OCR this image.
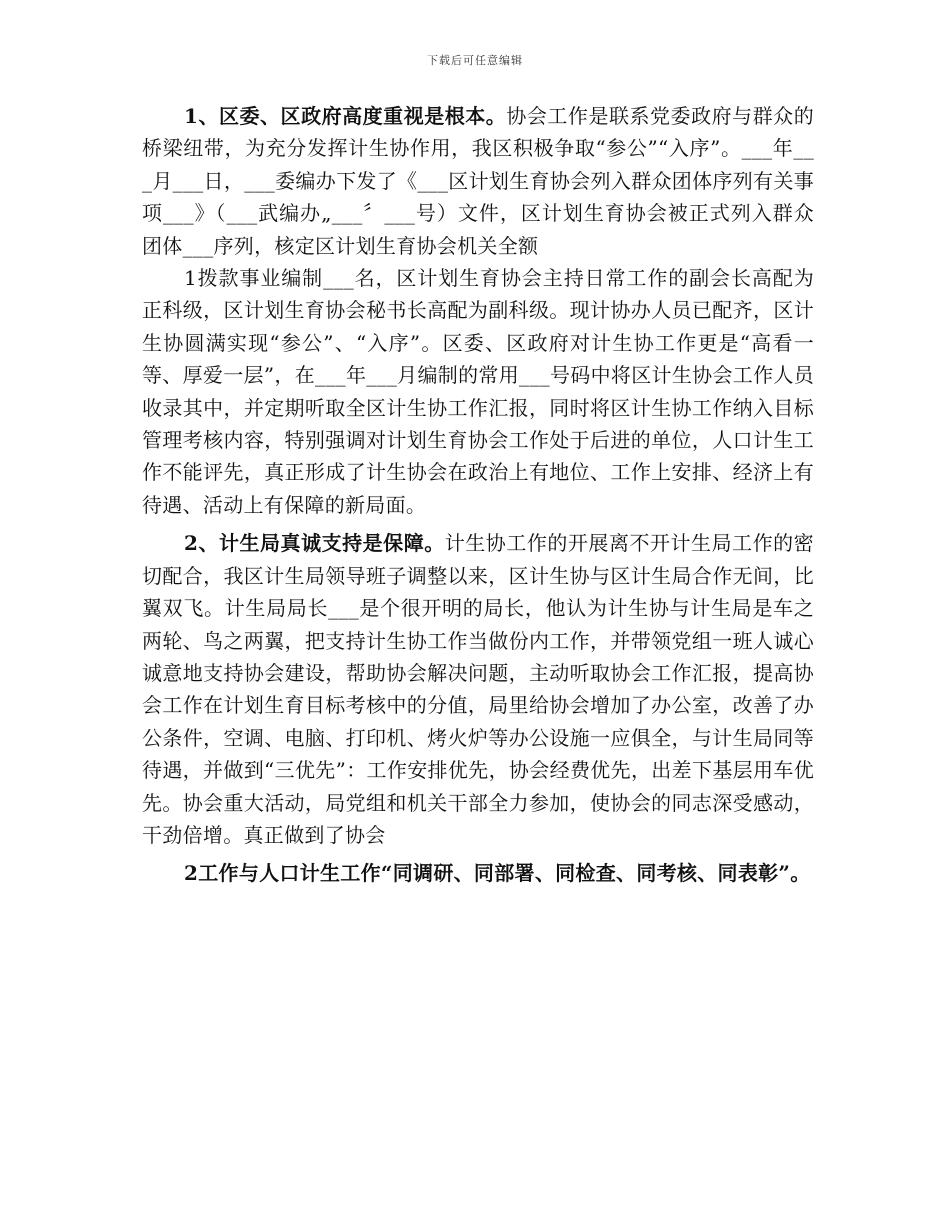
下载后可任意编辑

1、区委、区政府高度重视是根本。协会工作是联系党委政府与群众的桥梁纽带，为充分发挥计生协作用，我区积极争取“参公”“入序”。___年___月___日，___委编办下发了《___区计划生育协会列入群众团体序列有关事项___》（___武编办„___〞___号）文件，区计划生育协会被正式列入群众团体___序列，核定区计划生育协会机关全额

1拨款事业编制___名，区计划生育协会主持日常工作的副会长高配为正科级，区计划生育协会秘书长高配为副科级。现计协办人员已配齐，区计生协圆满实现“参公”、“入序”。区委、区政府对计生协工作更是“高看一等、厚爱一层”，在___年___月编制的常用___号码中将区计生协会工作人员收录其中，并定期听取全区计生协工作汇报，同时将区计生协工作纳入目标管理考核内容，特别强调对计划生育协会工作处于后进的单位，人口计生工作不能评先，真正形成了计生协会在政治上有地位、工作上安排、经济上有待遇、活动上有保障的新局面。

2、计生局真诚支持是保障。计生协工作的开展离不开计生局工作的密切配合，我区计生局领导班子调整以来，区计生协与区计生局合作无间，比翼双飞。计生局局长___是个很开明的局长，他认为计生协与计生局是车之两轮、鸟之两翼，把支持计生协工作当做份内工作，并带领党组一班人诚心诚意地支持协会建设，帮助协会解决问题，主动听取协会工作汇报，提高协会工作在计划生育目标考核中的分值，局里给协会增加了办公室，改善了办公条件，空调、电脑、打印机、烤火炉等办公设施一应俱全，与计生局同等待遇，并做到“三优先”：工作安排优先，协会经费优先，出差下基层用车优先。协会重大活动，局党组和机关干部全力参加，使协会的同志深受感动，干劲倍增。真正做到了协会

2工作与人口计生工作“同调研、同部署、同检查、同考核、同表彰”。
